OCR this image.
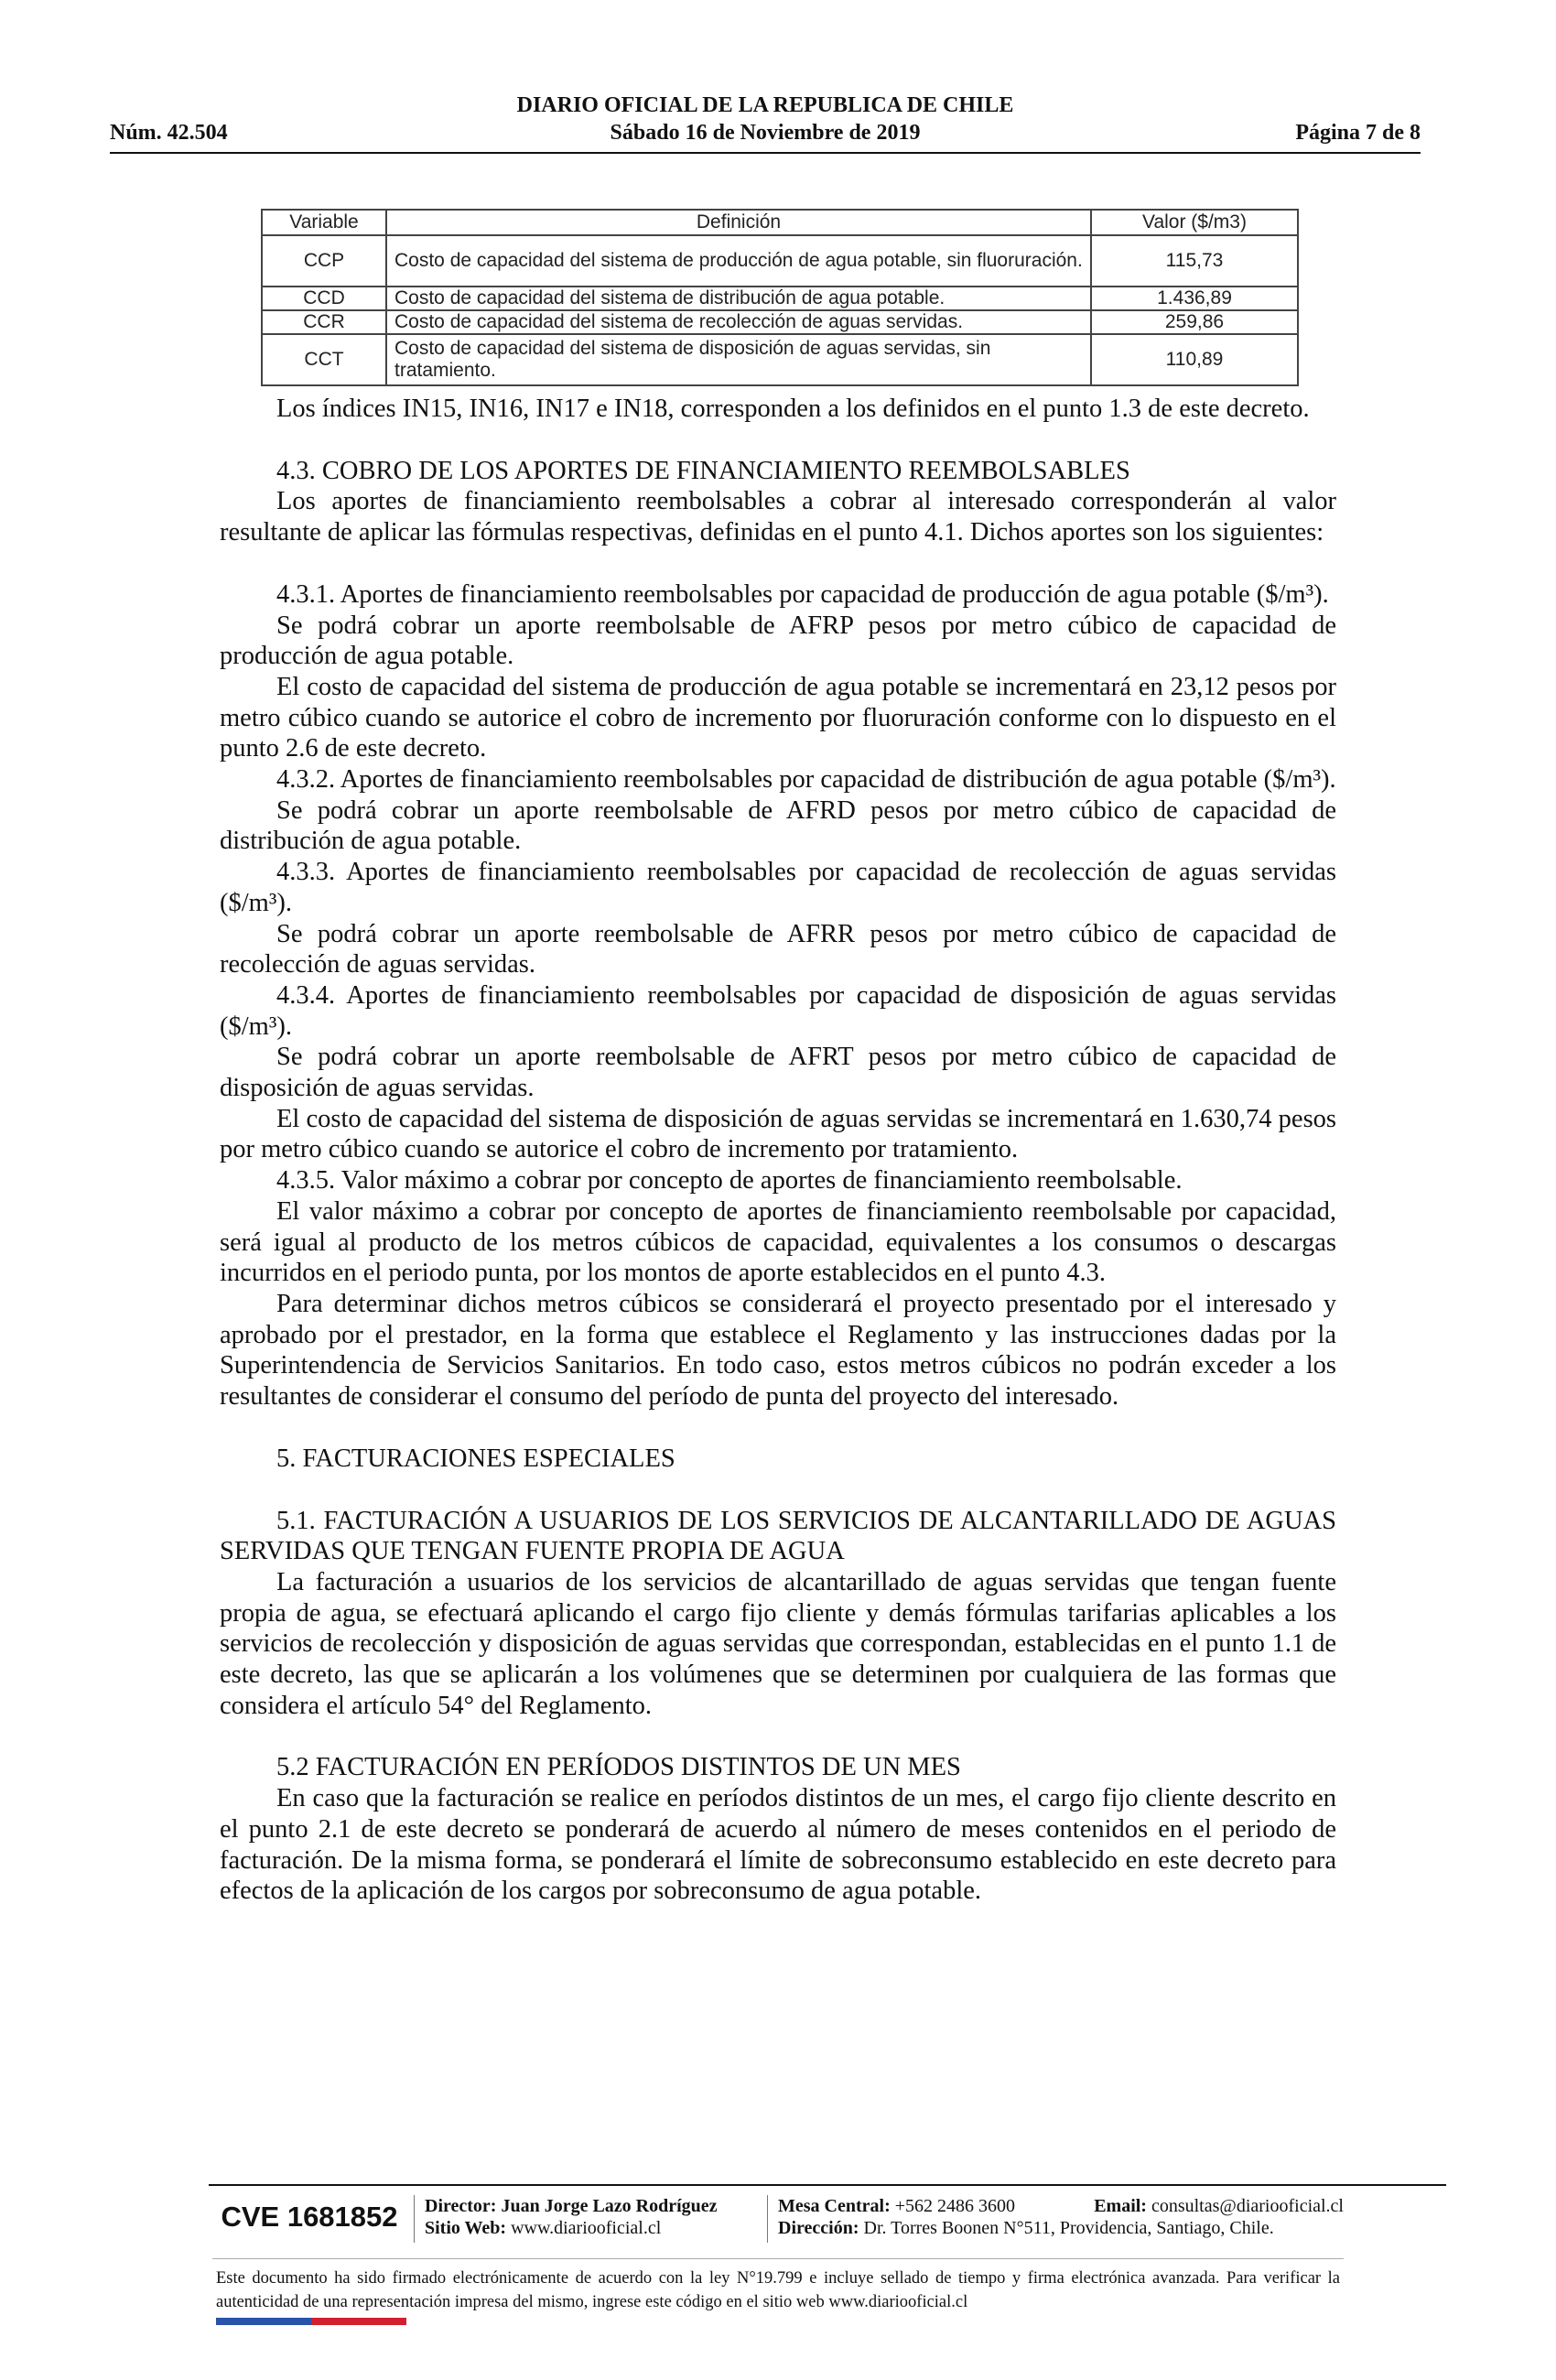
DIARIO OFICIAL DE LA REPUBLICA DE CHILE
Sábado 16 de Noviembre de 2019
Núm. 42.504	Página 7 de 8
Variable	Definición	Valor ($/m3)
CCP	Costo de capacidad del sistema de producción de agua potable, sin fluoruración.	115,73
CCD	Costo de capacidad del sistema de distribución de agua potable.	1.436,89
CCR	Costo de capacidad del sistema de recolección de aguas servidas.	259,86
CCT	Costo de capacidad del sistema de disposición de aguas servidas, sin tratamiento.	110,89

Los índices IN15, IN16, IN17 e IN18, corresponden a los definidos en el punto 1.3 de este decreto.

4.3. COBRO DE LOS APORTES DE FINANCIAMIENTO REEMBOLSABLES

Los aportes de financiamiento reembolsables a cobrar al interesado corresponderán al valor resultante de aplicar las fórmulas respectivas, definidas en el punto 4.1. Dichos aportes son los siguientes:

4.3.1. Aportes de financiamiento reembolsables por capacidad de producción de agua potable ($/m³).

Se podrá cobrar un aporte reembolsable de AFRP pesos por metro cúbico de capacidad de producción de agua potable.

El costo de capacidad del sistema de producción de agua potable se incrementará en 23,12 pesos por metro cúbico cuando se autorice el cobro de incremento por fluoruración conforme con lo dispuesto en el punto 2.6 de este decreto.

4.3.2. Aportes de financiamiento reembolsables por capacidad de distribución de agua potable ($/m³).

Se podrá cobrar un aporte reembolsable de AFRD pesos por metro cúbico de capacidad de distribución de agua potable.

4.3.3. Aportes de financiamiento reembolsables por capacidad de recolección de aguas servidas ($/m³).

Se podrá cobrar un aporte reembolsable de AFRR pesos por metro cúbico de capacidad de recolección de aguas servidas.

4.3.4. Aportes de financiamiento reembolsables por capacidad de disposición de aguas servidas ($/m³).

Se podrá cobrar un aporte reembolsable de AFRT pesos por metro cúbico de capacidad de disposición de aguas servidas.

El costo de capacidad del sistema de disposición de aguas servidas se incrementará en 1.630,74 pesos por metro cúbico cuando se autorice el cobro de incremento por tratamiento.

4.3.5. Valor máximo a cobrar por concepto de aportes de financiamiento reembolsable.

El valor máximo a cobrar por concepto de aportes de financiamiento reembolsable por capacidad, será igual al producto de los metros cúbicos de capacidad, equivalentes a los consumos o descargas incurridos en el periodo punta, por los montos de aporte establecidos en el punto 4.3.

Para determinar dichos metros cúbicos se considerará el proyecto presentado por el interesado y aprobado por el prestador, en la forma que establece el Reglamento y las instrucciones dadas por la Superintendencia de Servicios Sanitarios. En todo caso, estos metros cúbicos no podrán exceder a los resultantes de considerar el consumo del período de punta del proyecto del interesado.

5. FACTURACIONES ESPECIALES

5.1. FACTURACIÓN A USUARIOS DE LOS SERVICIOS DE ALCANTARILLADO DE AGUAS SERVIDAS QUE TENGAN FUENTE PROPIA DE AGUA

La facturación a usuarios de los servicios de alcantarillado de aguas servidas que tengan fuente propia de agua, se efectuará aplicando el cargo fijo cliente y demás fórmulas tarifarias aplicables a los servicios de recolección y disposición de aguas servidas que correspondan, establecidas en el punto 1.1 de este decreto, las que se aplicarán a los volúmenes que se determinen por cualquiera de las formas que considera el artículo 54° del Reglamento.

5.2 FACTURACIÓN EN PERÍODOS DISTINTOS DE UN MES

En caso que la facturación se realice en períodos distintos de un mes, el cargo fijo cliente descrito en el punto 2.1 de este decreto se ponderará de acuerdo al número de meses contenidos en el periodo de facturación. De la misma forma, se ponderará el límite de sobreconsumo establecido en este decreto para efectos de la aplicación de los cargos por sobreconsumo de agua potable.

CVE 1681852	Director: Juan Jorge Lazo Rodríguez
Sitio Web: www.diariooficial.cl
Mesa Central: +562 2486 3600	Email: consultas@diariooficial.cl
Dirección: Dr. Torres Boonen N°511, Providencia, Santiago, Chile.
Este documento ha sido firmado electrónicamente de acuerdo con la ley N°19.799 e incluye sellado de tiempo y firma electrónica avanzada. Para verificar la autenticidad de una representación impresa del mismo, ingrese este código en el sitio web www.diariooficial.cl
